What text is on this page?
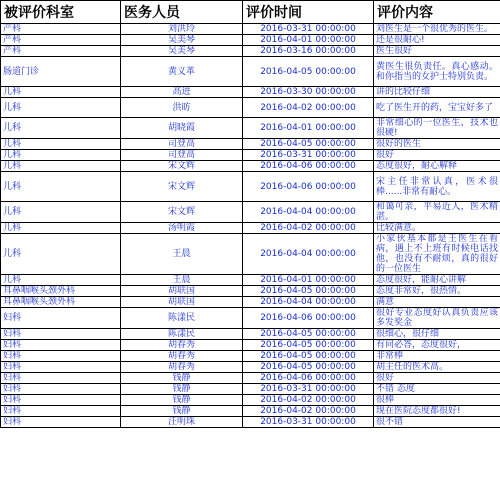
被评价科室	医务人员	评价时间	评价内容
产科	刘洪玲	2016-03-31 00:00:00	刘医生是一个很优秀的医生。
产科	吴美琴	2016-04-01 00:00:00	还是很耐心!
产科	吴美琴	2016-03-16 00:00:00	医生很好
肠道门诊	黄义革	2016-04-05 00:00:00	黄医生很负责任。真心感动。和你指当的女护士特别负责。
儿科	高进	2016-03-30 00:00:00	讲的比较仔细
儿科	洪昉	2016-04-02 00:00:00	吃了医生开的药，宝宝好多了
儿科	胡晓霞	2016-04-01 00:00:00	非常细心的一位医生，技术也很硬!
儿科	司登高	2016-04-05 00:00:00	很好的医生
儿科	司登高	2016-03-31 00:00:00	很好
儿科	宋文辉	2016-04-06 00:00:00	态度很好，耐心解释
儿科	宋文辉	2016-04-06 00:00:00	宋主任非常认真，医术很棒......非常有耐心。
儿科	宋文辉	2016-04-04 00:00:00	和蔼可亲，平易近人，医术精湛。
儿科	汤明霞	2016-04-02 00:00:00	比较满意。
儿科	王晨	2016-04-04 00:00:00	小家伙基本都是王医生在看病，遇上不上班有时候电话找他，也没有不耐烦，真的很好的一位医生
儿科	王晨	2016-04-01 00:00:00	态度很好，能耐心讲解
耳鼻咽喉头颈外科	胡联国	2016-04-05 00:00:00	态度非常好，很热情。
耳鼻咽喉头颈外科	胡联国	2016-04-04 00:00:00	满意
妇科	陈漾民	2016-04-06 00:00:00	很好专业态度好认真负责应该多发奖金
妇科	陈漾民	2016-04-05 00:00:00	很细心，很仔细
妇科	胡春秀	2016-04-05 00:00:00	有问必答，态度很好，
妇科	胡春秀	2016-04-05 00:00:00	非常棒
妇科	胡春秀	2016-04-05 00:00:00	胡主任的医术高。
妇科	钱静	2016-04-06 00:00:00	很好
妇科	钱静	2016-03-31 00:00:00	不错 态度
妇科	钱静	2016-04-02 00:00:00	很棒
妇科	钱静	2016-04-02 00:00:00	现在医院态度都很好!
妇科	汪明珠	2016-03-31 00:00:00	很不错
